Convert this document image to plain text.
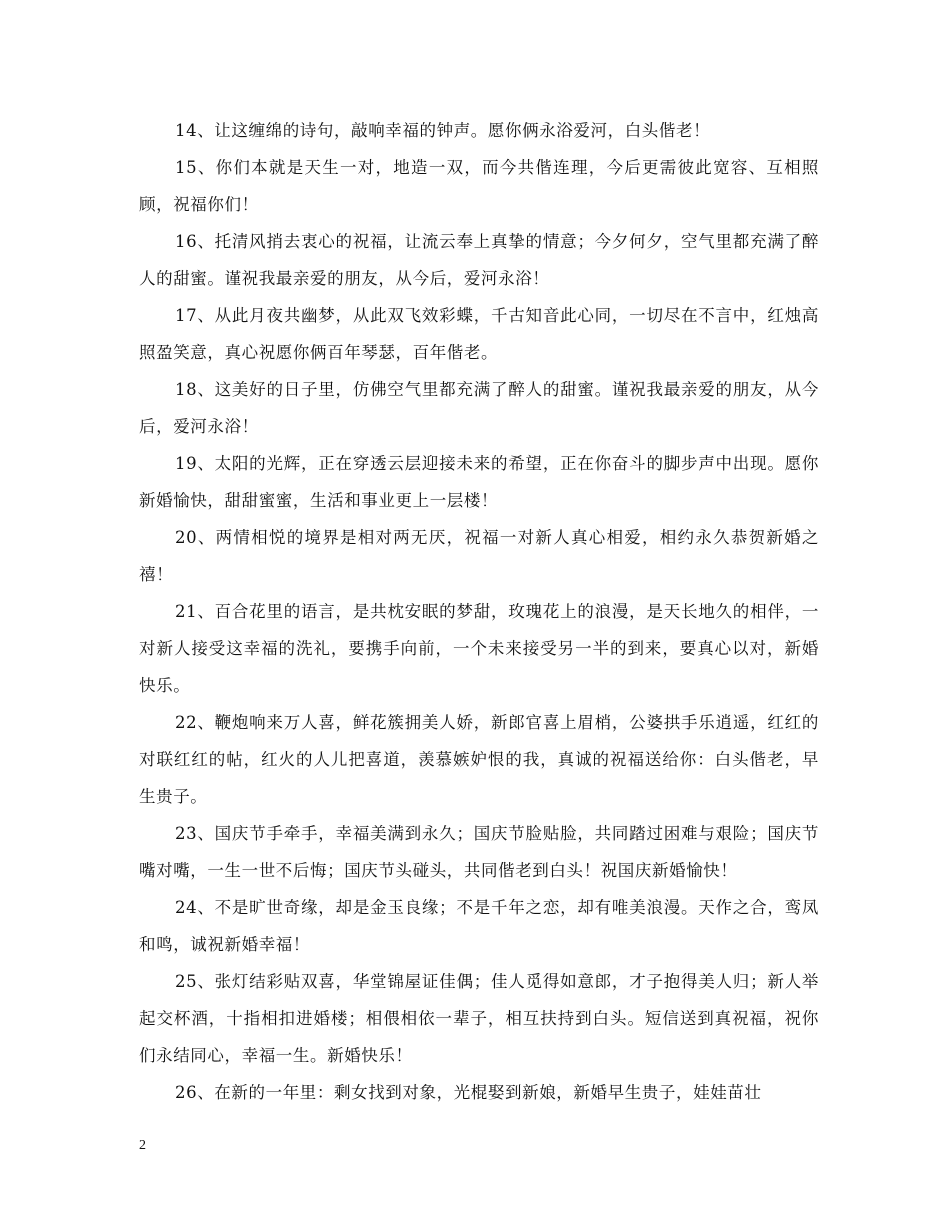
14、让这缠绵的诗句，敲响幸福的钟声。愿你俩永浴爱河，白头偕老！

15、你们本就是天生一对，地造一双，而今共偕连理，今后更需彼此宽容、互相照顾，祝福你们！

16、托清风捎去衷心的祝福，让流云奉上真挚的情意；今夕何夕，空气里都充满了醉人的甜蜜。谨祝我最亲爱的朋友，从今后，爱河永浴！

17、从此月夜共幽梦，从此双飞效彩蝶，千古知音此心同，一切尽在不言中，红烛高照盈笑意，真心祝愿你俩百年琴瑟，百年偕老。

18、这美好的日子里，仿佛空气里都充满了醉人的甜蜜。谨祝我最亲爱的朋友，从今后，爱河永浴！

19、太阳的光辉，正在穿透云层迎接未来的希望，正在你奋斗的脚步声中出现。愿你新婚愉快，甜甜蜜蜜，生活和事业更上一层楼！

20、两情相悦的境界是相对两无厌，祝福一对新人真心相爱，相约永久恭贺新婚之禧！

21、百合花里的语言，是共枕安眠的梦甜，玫瑰花上的浪漫，是天长地久的相伴，一对新人接受这幸福的洗礼，要携手向前，一个未来接受另一半的到来，要真心以对，新婚快乐。

22、鞭炮响来万人喜，鲜花簇拥美人娇，新郎官喜上眉梢，公婆拱手乐逍遥，红红的对联红红的帖，红火的人儿把喜道，羡慕嫉妒恨的我，真诚的祝福送给你：白头偕老，早生贵子。

23、国庆节手牵手，幸福美满到永久；国庆节脸贴脸，共同踏过困难与艰险；国庆节嘴对嘴，一生一世不后悔；国庆节头碰头，共同偕老到白头！祝国庆新婚愉快！

24、不是旷世奇缘，却是金玉良缘；不是千年之恋，却有唯美浪漫。天作之合，鸾凤和鸣，诚祝新婚幸福！

25、张灯结彩贴双喜，华堂锦屋证佳偶；佳人觅得如意郎，才子抱得美人归；新人举起交杯酒，十指相扣进婚楼；相偎相依一辈子，相互扶持到白头。短信送到真祝福，祝你们永结同心，幸福一生。新婚快乐！

26、在新的一年里：剩女找到对象，光棍娶到新娘，新婚早生贵子，娃娃苗壮

2
